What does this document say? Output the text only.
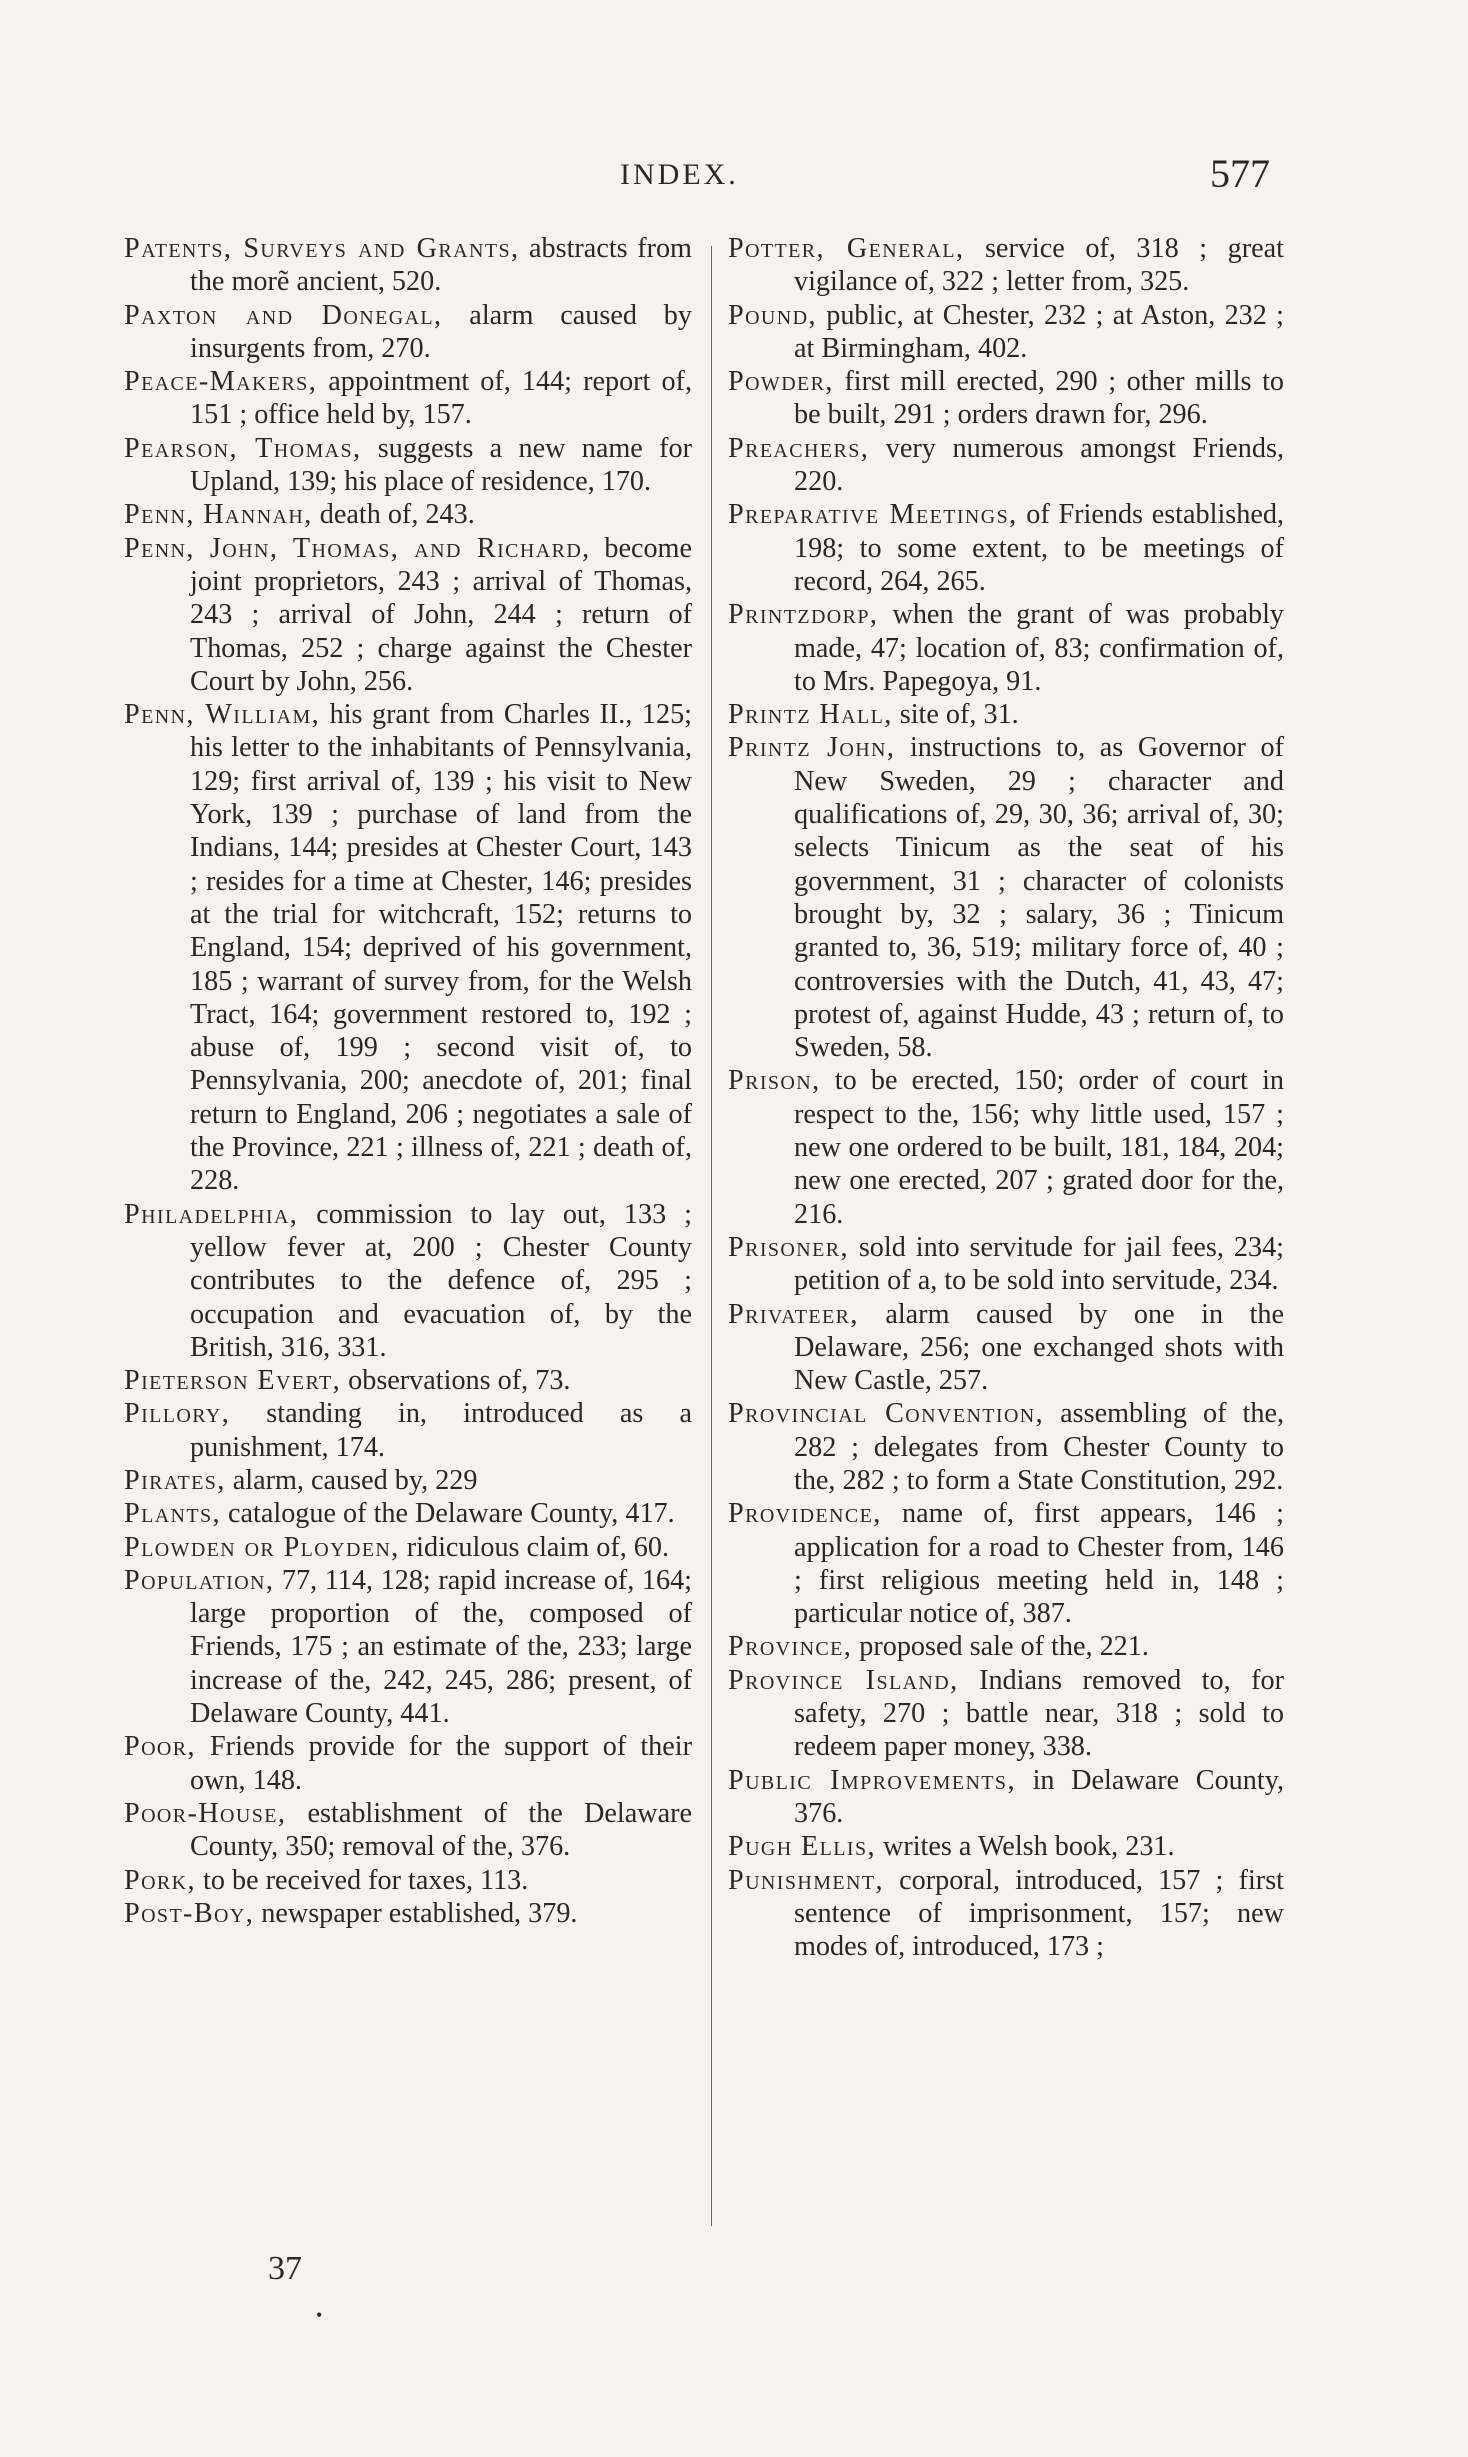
INDEX.	577

Patents, Surveys and Grants, abstracts from the morẽ ancient, 520.

Paxton and Donegal, alarm caused by insurgents from, 270.

Peace-Makers, appointment of, 144; report of, 151 ; office held by, 157.

Pearson, Thomas, suggests a new name for Upland, 139; his place of residence, 170.

Penn, Hannah, death of, 243.

Penn, John, Thomas, and Richard, become joint proprietors, 243 ; arrival of Thomas, 243 ; arrival of John, 244 ; return of Thomas, 252 ; charge against the Chester Court by John, 256.

Penn, William, his grant from Charles II., 125; his letter to the inhabitants of Pennsylvania, 129; first arrival of, 139 ; his visit to New York, 139 ; purchase of land from the Indians, 144; presides at Chester Court, 143 ; resides for a time at Chester, 146; presides at the trial for witchcraft, 152; returns to England, 154; deprived of his government, 185 ; warrant of survey from, for the Welsh Tract, 164; government restored to, 192 ; abuse of, 199 ; second visit of, to Pennsylvania, 200; anecdote of, 201; final return to England, 206 ; negotiates a sale of the Province, 221 ; illness of, 221 ; death of, 228.

Philadelphia, commission to lay out, 133 ; yellow fever at, 200 ; Chester County contributes to the defence of, 295 ; occupation and evacuation of, by the British, 316, 331.

Pieterson Evert, observations of, 73.

Pillory, standing in, introduced as a punishment, 174.

Pirates, alarm, caused by, 229

Plants, catalogue of the Delaware County, 417.

Plowden or Ployden, ridiculous claim of, 60.

Population, 77, 114, 128; rapid increase of, 164; large proportion of the, composed of Friends, 175 ; an estimate of the, 233; large increase of the, 242, 245, 286; present, of Delaware County, 441.

Poor, Friends provide for the support of their own, 148.

Poor-House, establishment of the Delaware County, 350; removal of the, 376.

Pork, to be received for taxes, 113.

Post-Boy, newspaper established, 379.

Potter, General, service of, 318 ; great vigilance of, 322 ; letter from, 325.

Pound, public, at Chester, 232 ; at Aston, 232 ; at Birmingham, 402.

Powder, first mill erected, 290 ; other mills to be built, 291 ; orders drawn for, 296.

Preachers, very numerous amongst Friends, 220.

Preparative Meetings, of Friends established, 198; to some extent, to be meetings of record, 264, 265.

Printzdorp, when the grant of was probably made, 47; location of, 83; confirmation of, to Mrs. Papegoya, 91.

Printz Hall, site of, 31.

Printz John, instructions to, as Governor of New Sweden, 29 ; character and qualifications of, 29, 30, 36; arrival of, 30; selects Tinicum as the seat of his government, 31 ; character of colonists brought by, 32 ; salary, 36 ; Tinicum granted to, 36, 519; military force of, 40 ; controversies with the Dutch, 41, 43, 47; protest of, against Hudde, 43 ; return of, to Sweden, 58.

Prison, to be erected, 150; order of court in respect to the, 156; why little used, 157 ; new one ordered to be built, 181, 184, 204; new one erected, 207 ; grated door for the, 216.

Prisoner, sold into servitude for jail fees, 234; petition of a, to be sold into servitude, 234.

Privateer, alarm caused by one in the Delaware, 256; one exchanged shots with New Castle, 257.

Provincial Convention, assembling of the, 282 ; delegates from Chester County to the, 282 ; to form a State Constitution, 292.

Providence, name of, first appears, 146 ; application for a road to Chester from, 146 ; first religious meeting held in, 148 ; particular notice of, 387.

Province, proposed sale of the, 221.

Province Island, Indians removed to, for safety, 270 ; battle near, 318 ; sold to redeem paper money, 338.

Public Improvements, in Delaware County, 376.

Pugh Ellis, writes a Welsh book, 231.

Punishment, corporal, introduced, 157 ; first sentence of imprisonment, 157; new modes of, introduced, 173 ;

37
•
